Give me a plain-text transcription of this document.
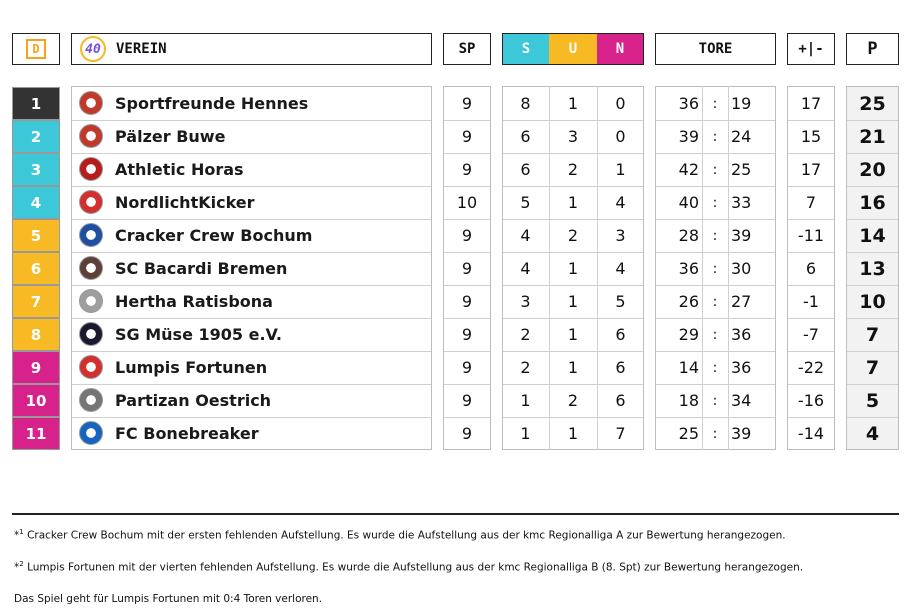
D	40	VEREIN	SP	S	U	N	TORE	+|-	P
1	Sportfreunde Hennes	9	8	1	0	36 : 19	17	25
2	Pälzer Buwe	9	6	3	0	39 : 24	15	21
3	Athletic Horas	9	6	2	1	42 : 25	17	20
4	NordlichtKicker	10	5	1	4	40 : 33	7	16
5	Cracker Crew Bochum	9	4	2	3	28 : 39	-11	14
6	SC Bacardi Bremen	9	4	1	4	36 : 30	6	13
7	Hertha Ratisbona	9	3	1	5	26 : 27	-1	10
8	SG Müse 1905 e.V.	9	2	1	6	29 : 36	-7	7
9	Lumpis Fortunen	9	2	1	6	14 : 36	-22	7
10	Partizan Oestrich	9	1	2	6	18 : 34	-16	5
11	FC Bonebreaker	9	1	1	7	25 : 39	-14	4
*$^1$ Cracker Crew Bochum mit der ersten fehlenden Aufstellung. Es wurde die Aufstellung aus der kmc Regionalliga A zur Bewertung herangezogen.
*$^2$ Lumpis Fortunen mit der vierten fehlenden Aufstellung. Es wurde die Aufstellung aus der kmc Regionalliga B (8. Spt) zur Bewertung herangezogen.
Das Spiel geht für Lumpis Fortunen mit 0:4 Toren verloren.
